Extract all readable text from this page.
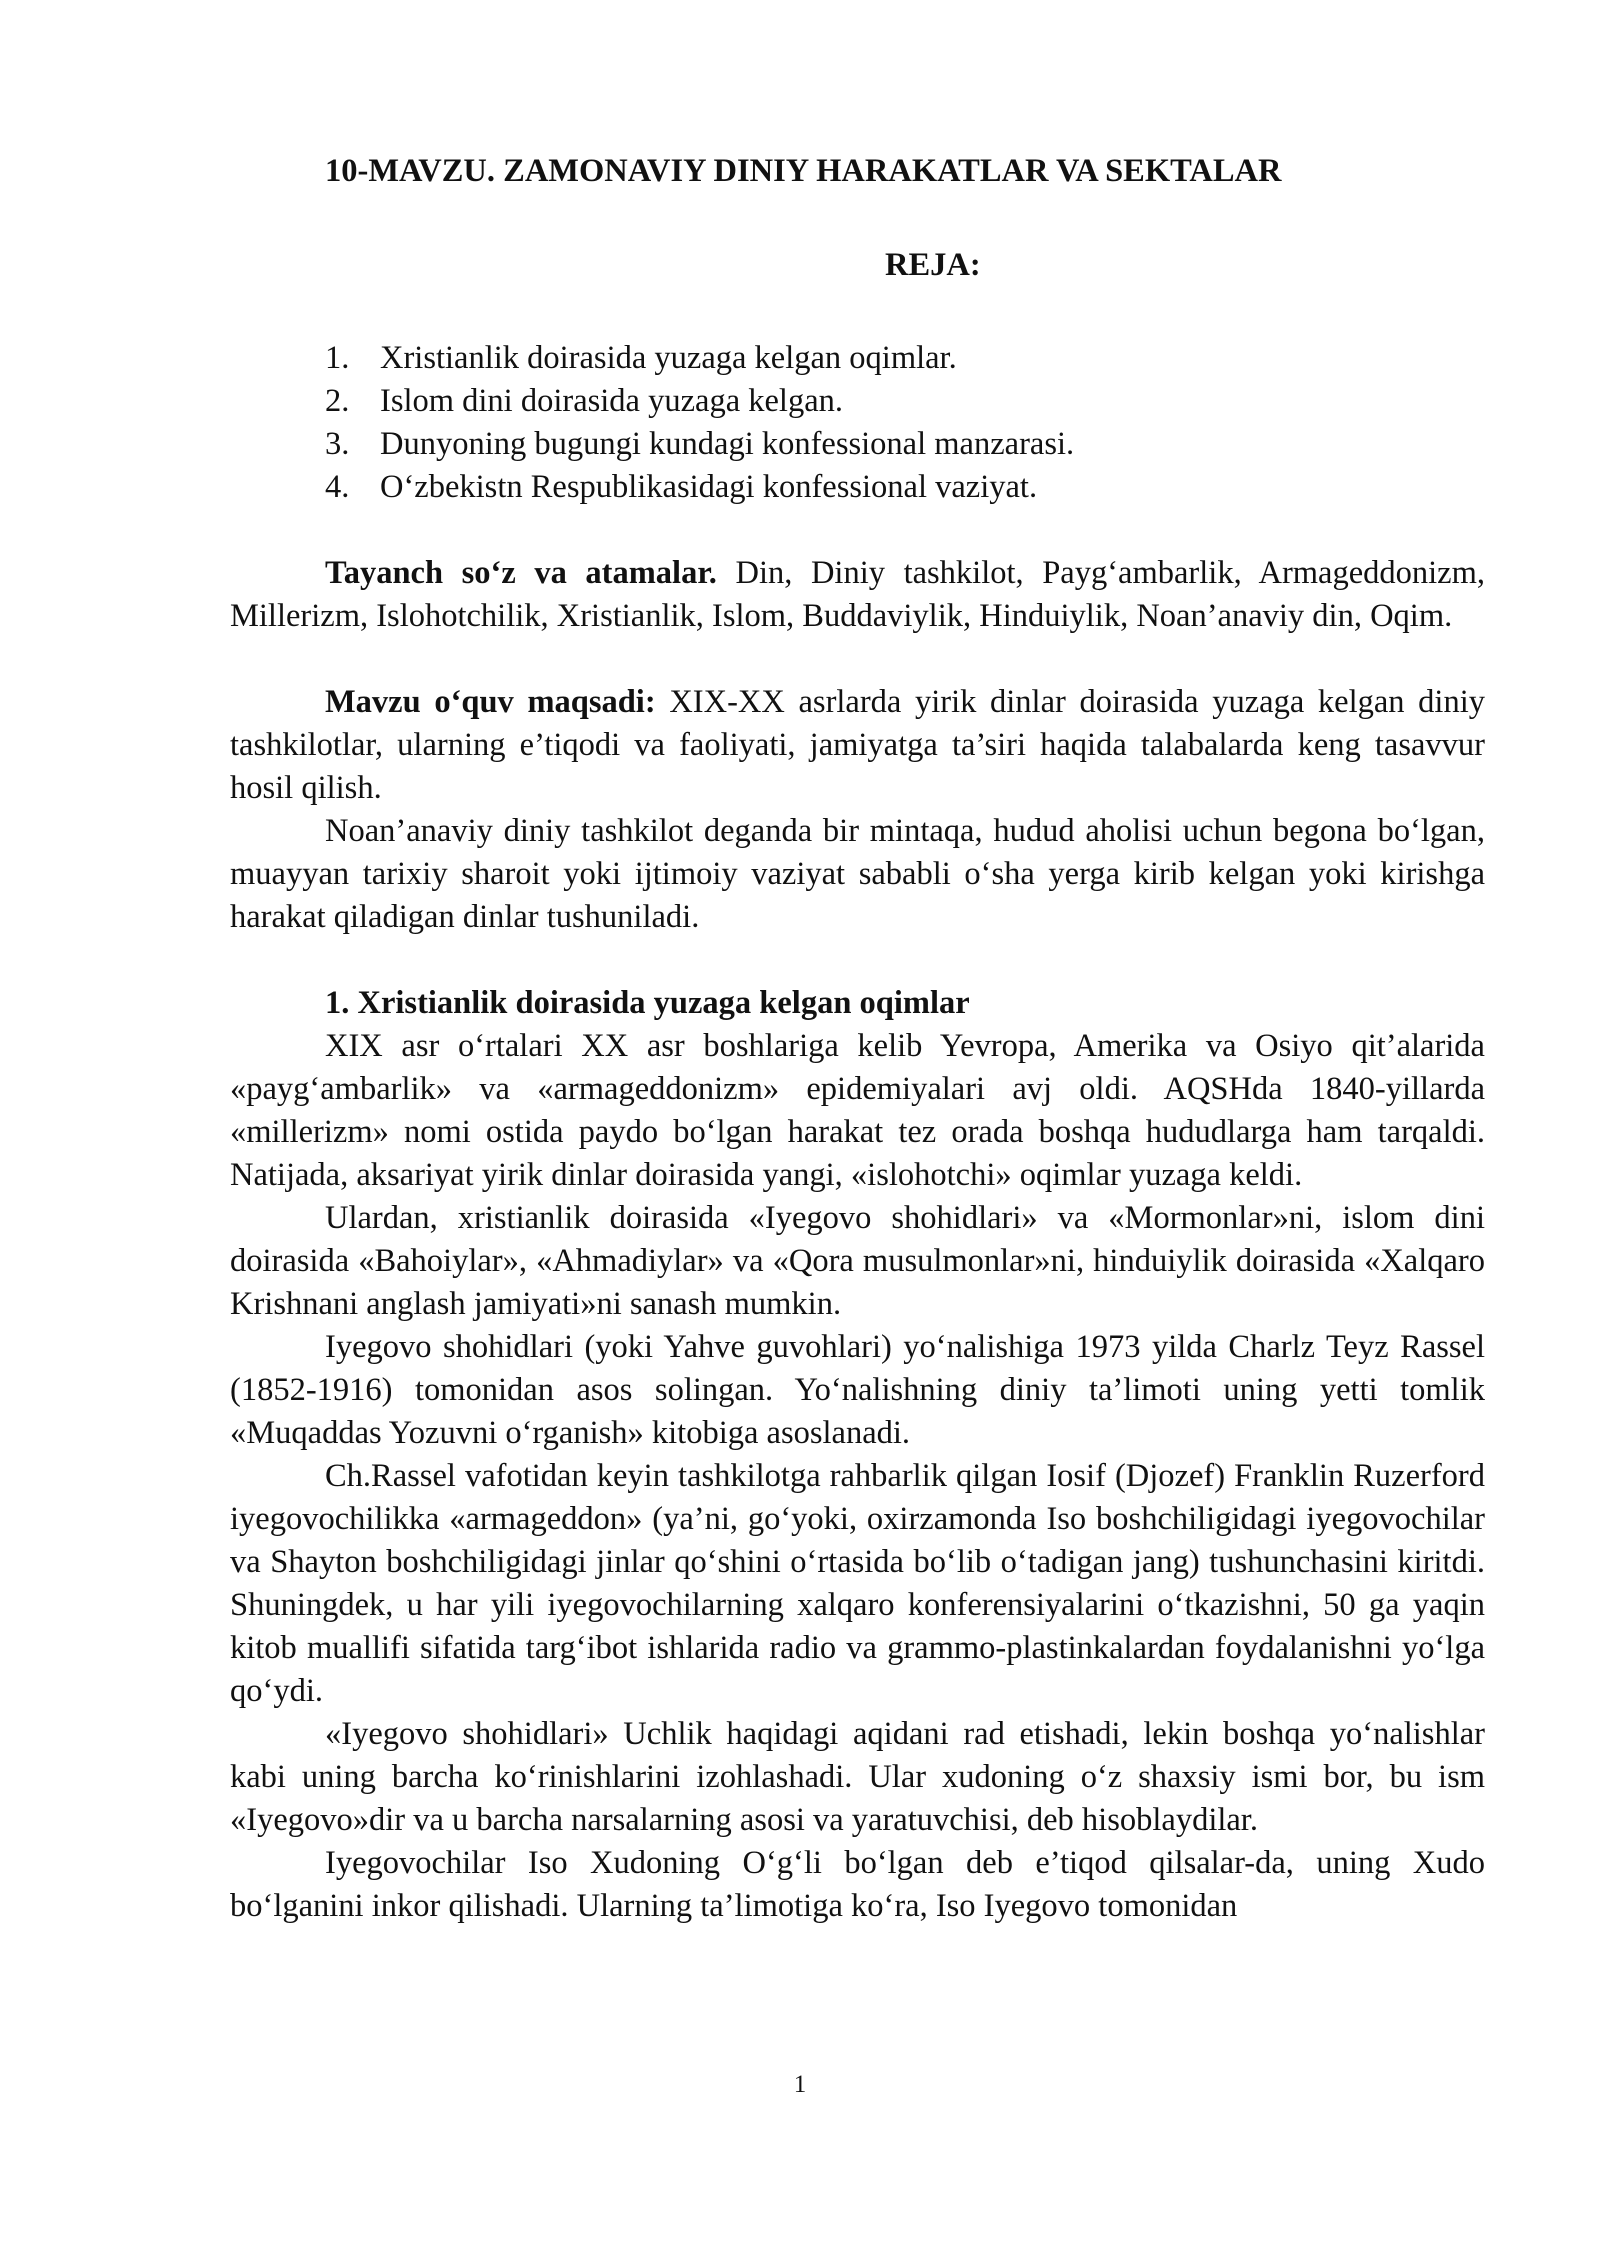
10-MAVZU. ZAMONAVIY DINIY HARAKATLAR VA SEKTALAR
REJA:
1. Xristianlik doirasida yuzaga kelgan oqimlar.
2. Islom dini doirasida yuzaga kelgan.
3. Dunyoning bugungi kundagi konfessional manzarasi.
4. O‘zbekistn Respublikasidagi konfessional vaziyat.

Tayanch so‘z va atamalar. Din, Diniy tashkilot, Payg‘ambarlik, Armageddonizm, Millerizm, Islohotchilik, Xristianlik, Islom, Buddaviylik, Hinduiylik, Noan’anaviy din, Oqim.

Mavzu o‘quv maqsadi: XIX-XX asrlarda yirik dinlar doirasida yuzaga kelgan diniy tashkilotlar, ularning e’tiqodi va faoliyati, jamiyatga ta’siri haqida talabalarda keng tasavvur hosil qilish.

Noan’anaviy diniy tashkilot deganda bir mintaqa, hudud aholisi uchun begona bo‘lgan, muayyan tarixiy sharoit yoki ijtimoiy vaziyat sababli o‘sha yerga kirib kelgan yoki kirishga harakat qiladigan dinlar tushuniladi.

1. Xristianlik doirasida yuzaga kelgan oqimlar

XIX asr o‘rtalari XX asr boshlariga kelib Yevropa, Amerika va Osiyo qit’alarida «payg‘ambarlik» va «armageddonizm» epidemiyalari avj oldi. AQSHda 1840-yillarda «millerizm» nomi ostida paydo bo‘lgan harakat tez orada boshqa hududlarga ham tarqaldi. Natijada, aksariyat yirik dinlar doirasida yangi, «islohotchi» oqimlar yuzaga keldi.

Ulardan, xristianlik doirasida «Iyegovo shohidlari» va «Mormonlar»ni, islom dini doirasida «Bahoiylar», «Ahmadiylar» va «Qora musulmonlar»ni, hinduiylik doirasida «Xalqaro Krishnani anglash jamiyati»ni sanash mumkin.

Iyegovo shohidlari (yoki Yahve guvohlari) yo‘nalishiga 1973 yilda Charlz Teyz Rassel (1852-1916) tomonidan asos solingan. Yo‘nalishning diniy ta’limoti uning yetti tomlik «Muqaddas Yozuvni o‘rganish» kitobiga asoslanadi.

Ch.Rassel vafotidan keyin tashkilotga rahbarlik qilgan Iosif (Djozef) Franklin Ruzerford iyegovochilikka «armageddon» (ya’ni, go‘yoki, oxirzamonda Iso boshchiligidagi iyegovochilar va Shayton boshchiligidagi jinlar qo‘shini o‘rtasida bo‘lib o‘tadigan jang) tushunchasini kiritdi. Shuningdek, u har yili iyegovochilarning xalqaro konferensiyalarini o‘tkazishni, 50 ga yaqin kitob muallifi sifatida targ‘ibot ishlarida radio va grammo-plastinkalardan foydalanishni yo‘lga qo‘ydi.

«Iyegovo shohidlari» Uchlik haqidagi aqidani rad etishadi, lekin boshqa yo‘nalishlar kabi uning barcha ko‘rinishlarini izohlashadi. Ular xudoning o‘z shaxsiy ismi bor, bu ism «Iyegovo»dir va u barcha narsalarning asosi va yaratuvchisi, deb hisoblaydilar.

Iyegovochilar Iso Xudoning O‘g‘li bo‘lgan deb e’tiqod qilsalar-da, uning Xudo bo‘lganini inkor qilishadi. Ularning ta’limotiga ko‘ra, Iso Iyegovo tomonidan

1
